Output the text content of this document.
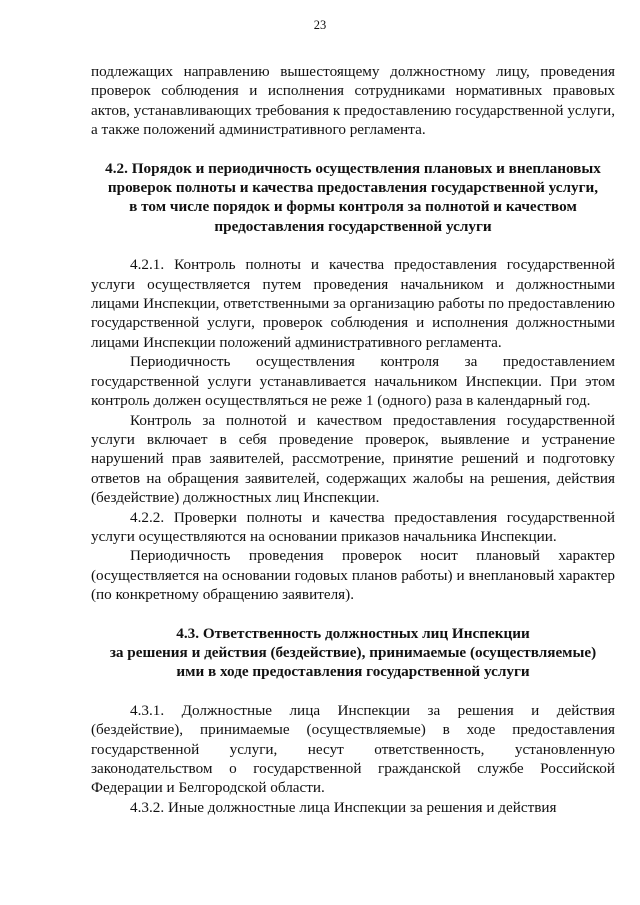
23

подлежащих направлению вышестоящему должностному лицу, проведения проверок соблюдения и исполнения сотрудниками нормативных правовых актов, устанавливающих требования к предоставлению государственной услуги, а также положений административного регламента.

4.2. Порядок и периодичность осуществления плановых и внеплановых
проверок полноты и качества предоставления государственной услуги,
в том числе порядок и формы контроля за полнотой и качеством
предоставления государственной услуги

4.2.1. Контроль полноты и качества предоставления государственной услуги осуществляется путем проведения начальником и должностными лицами Инспекции, ответственными за организацию работы по предоставлению государственной услуги, проверок соблюдения и исполнения должностными лицами Инспекции положений административного регламента.

Периодичность осуществления контроля за предоставлением государственной услуги устанавливается начальником Инспекции. При этом контроль должен осуществляться не реже 1 (одного) раза в календарный год.

Контроль за полнотой и качеством предоставления государственной услуги включает в себя проведение проверок, выявление и устранение нарушений прав заявителей, рассмотрение, принятие решений и подготовку ответов на обращения заявителей, содержащих жалобы на решения, действия (бездействие) должностных лиц Инспекции.

4.2.2. Проверки полноты и качества предоставления государственной услуги осуществляются на основании приказов начальника Инспекции.

Периодичность проведения проверок носит плановый характер (осуществляется на основании годовых планов работы) и внеплановый характер (по конкретному обращению заявителя).

4.3. Ответственность должностных лиц Инспекции
за решения и действия (бездействие), принимаемые (осуществляемые)
ими в ходе предоставления государственной услуги

4.3.1. Должностные лица Инспекции за решения и действия (бездействие), принимаемые (осуществляемые) в ходе предоставления государственной услуги, несут ответственность, установленную законодательством о государственной гражданской службе Российской Федерации и Белгородской области.

4.3.2. Иные должностные лица Инспекции за решения и действия
